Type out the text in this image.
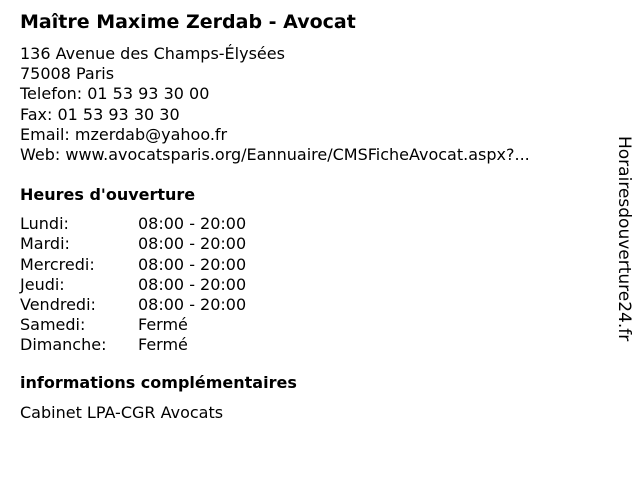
Maître Maxime Zerdab - Avocat
136 Avenue des Champs-Élysées
75008 Paris
Telefon: 01 53 93 30 00
Fax: 01 53 93 30 30
Email: mzerdab@yahoo.fr
Web: www.avocatsparis.org/Eannuaire/CMSFicheAvocat.aspx?...
Heures d'ouverture
Lundi:	08:00 - 20:00
Mardi:	08:00 - 20:00
Mercredi:	08:00 - 20:00
Jeudi:	08:00 - 20:00
Vendredi:	08:00 - 20:00
Samedi:	Fermé
Dimanche:	Fermé
informations complémentaires
Cabinet LPA-CGR Avocats
Horairesdouverture24.fr
